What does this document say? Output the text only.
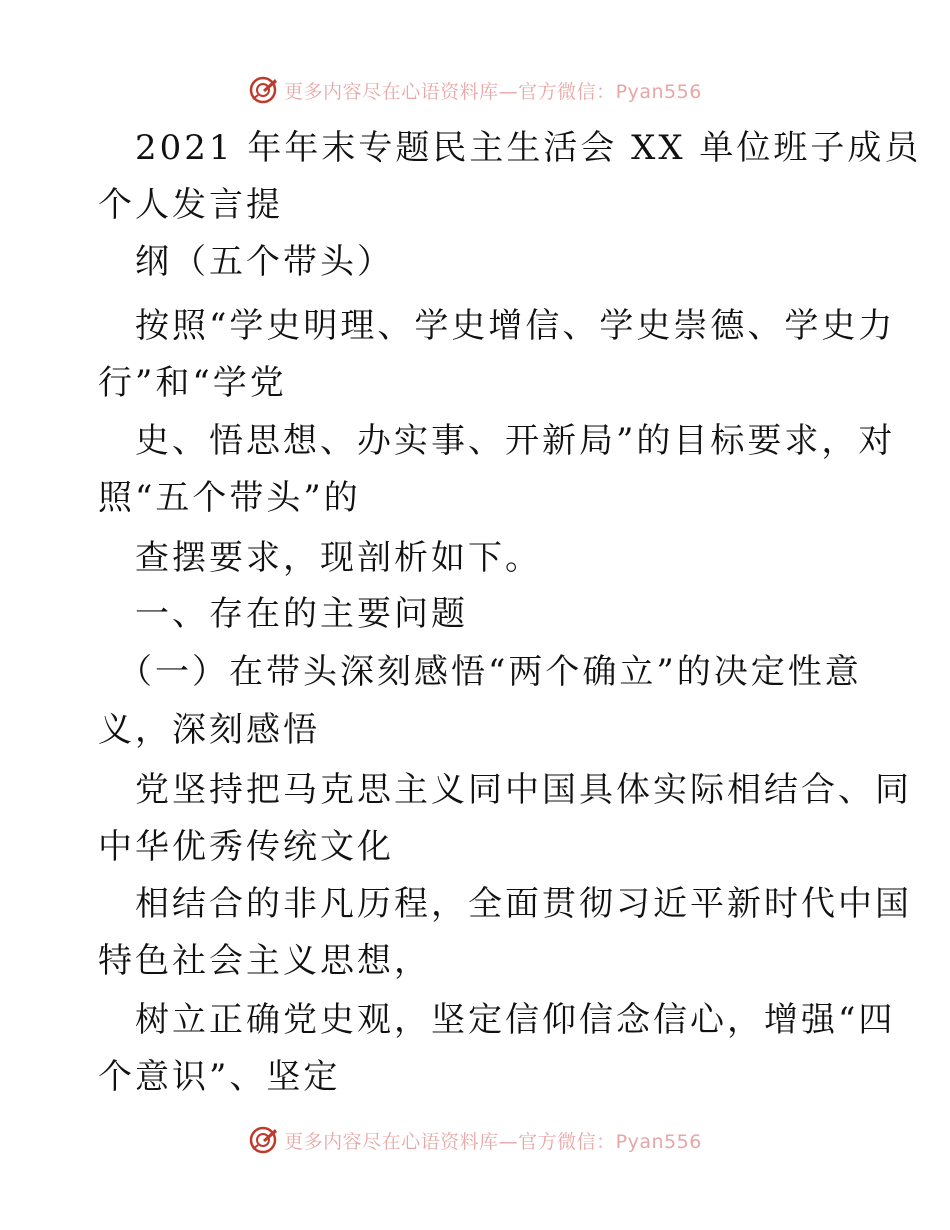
更多内容尽在心语资料库—官方微信：Pyan556
2021 年年末专题民主生活会 XX 单位班子成员
个人发言提
纲（五个带头）
按照“学史明理、学史增信、学史崇德、学史力
行”和“学党
史、悟思想、办实事、开新局”的目标要求，对
照“五个带头”的
查摆要求，现剖析如下。
一、存在的主要问题
（一）在带头深刻感悟“两个确立”的决定性意
义，深刻感悟
党坚持把马克思主义同中国具体实际相结合、同
中华优秀传统文化
相结合的非凡历程，全面贯彻习近平新时代中国
特色社会主义思想，
树立正确党史观，坚定信仰信念信心，增强“四
个意识”、坚定
更多内容尽在心语资料库—官方微信：Pyan556
